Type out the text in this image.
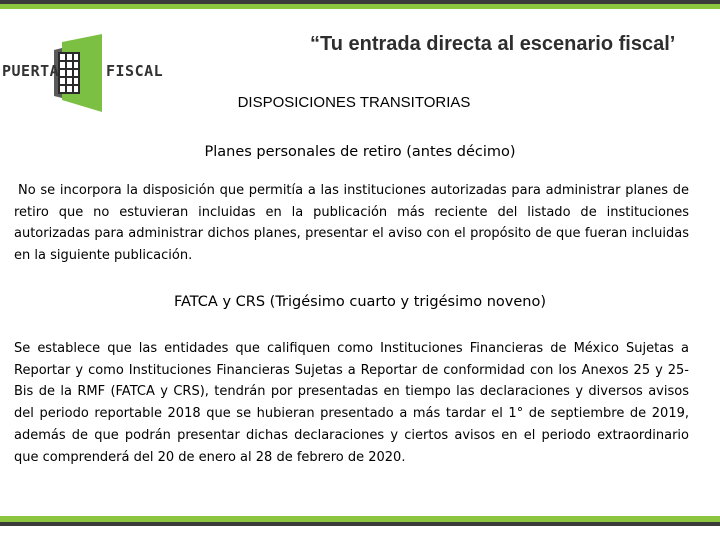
PUERTA	FISCAL
“Tu entrada directa al escenario fiscal’
DISPOSICIONES TRANSITORIAS
Planes personales de retiro (antes décimo)
No se incorpora la disposición que permitía a las instituciones autorizadas para administrar planes de retiro que no estuvieran incluidas en la publicación más reciente del listado de instituciones autorizadas para administrar dichos planes, presentar el aviso con el propósito de que fueran incluidas en la siguiente publicación.
FATCA y CRS (Trigésimo cuarto y trigésimo noveno)
Se establece que las entidades que califiquen como Instituciones Financieras de México Sujetas a Reportar y como Instituciones Financieras Sujetas a Reportar de conformidad con los Anexos 25 y 25-Bis de la RMF (FATCA y CRS), tendrán por presentadas en tiempo las declaraciones y diversos avisos del periodo reportable 2018 que se hubieran presentado a más tardar el 1° de septiembre de 2019, además de que podrán presentar dichas declaraciones y ciertos avisos en el periodo extraordinario que comprenderá del 20 de enero al 28 de febrero de 2020.
